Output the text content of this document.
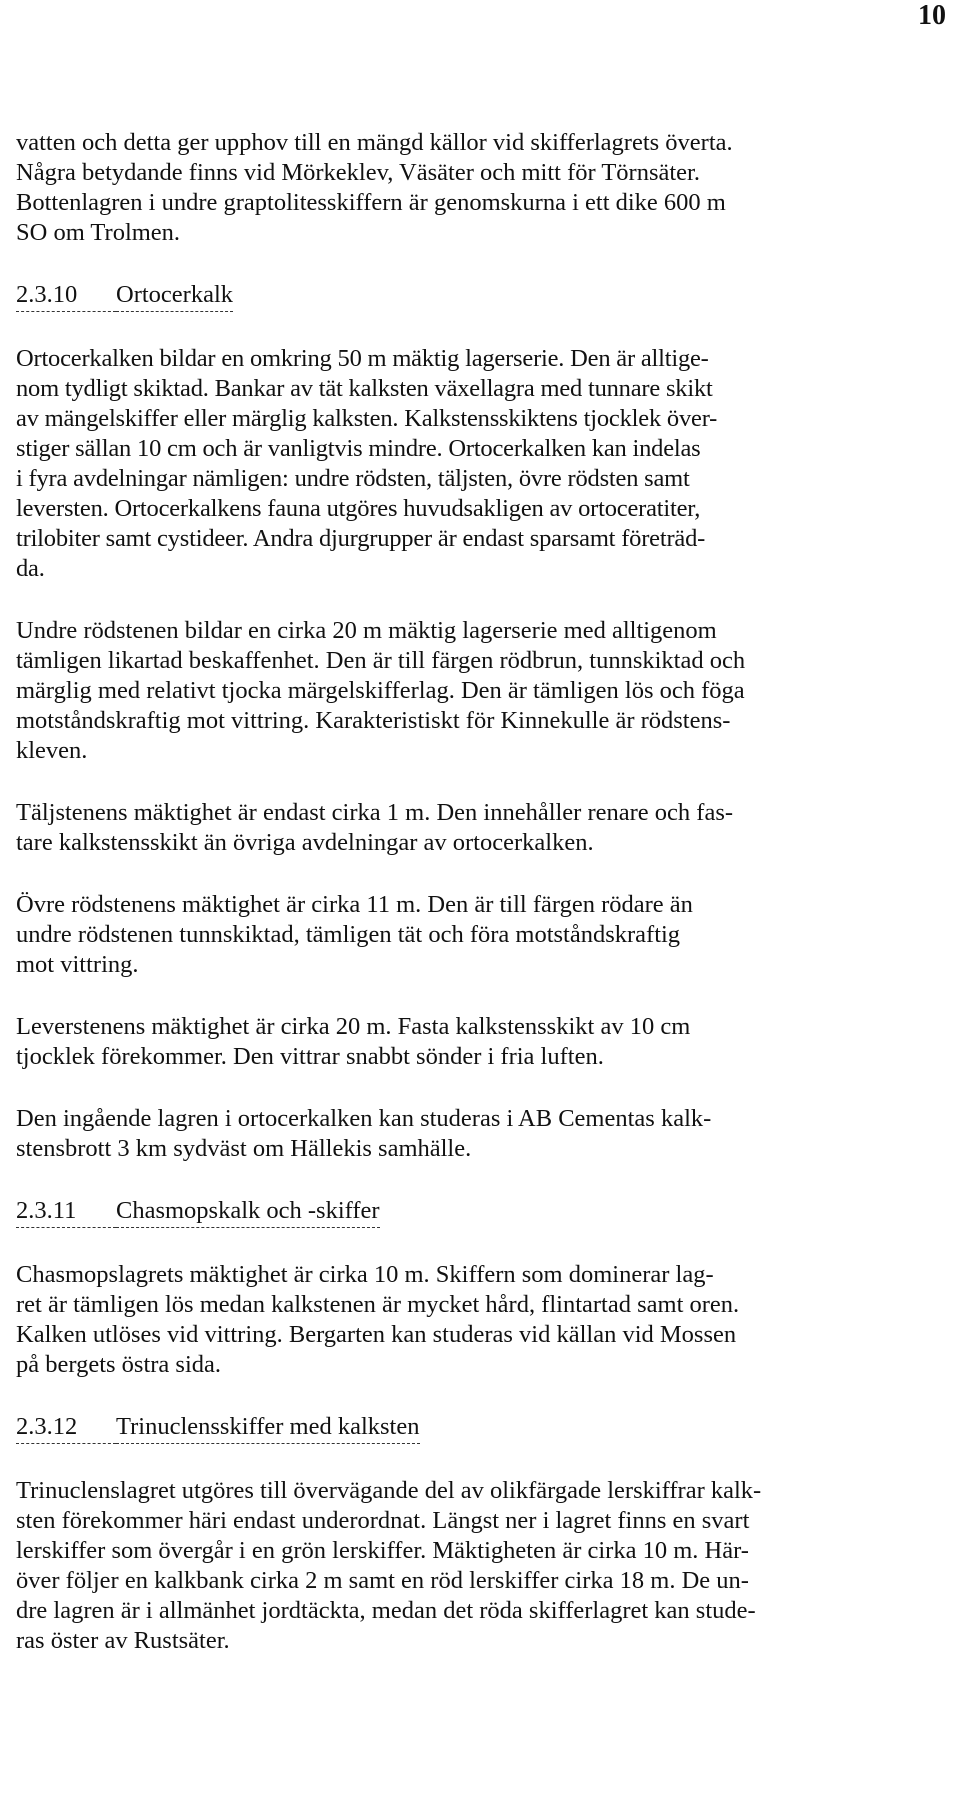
10
vatten och detta ger upphov till en mängd källor vid skifferlagrets överta.
Några betydande finns vid Mörkeklev, Väsäter och mitt för Törnsäter.
Bottenlagren i undre graptolitesskiffern är genomskurna i ett dike 600 m
SO om Trolmen.
2.3.10	Ortocerkalk
Ortocerkalken bildar en omkring 50 m mäktig lagerserie. Den är alltige-
nom tydligt skiktad. Bankar av tät kalksten växellagra med tunnare skikt
av mängelskiffer eller märglig kalksten. Kalkstensskiktens tjocklek över-
stiger sällan 10 cm och är vanligtvis mindre. Ortocerkalken kan indelas
i fyra avdelningar nämligen: undre rödsten, täljsten, övre rödsten samt
leversten. Ortocerkalkens fauna utgöres huvudsakligen av ortoceratiter,
trilobiter samt cystideer. Andra djurgrupper är endast sparsamt företräd-
da.
Undre rödstenen bildar en cirka 20 m mäktig lagerserie med alltigenom
tämligen likartad beskaffenhet. Den är till färgen rödbrun, tunnskiktad och
märglig med relativt tjocka märgelskifferlag. Den är tämligen lös och föga
motståndskraftig mot vittring. Karakteristiskt för Kinnekulle är rödstens-
kleven.
Täljstenens mäktighet är endast cirka 1 m. Den innehåller renare och fas-
tare kalkstensskikt än övriga avdelningar av ortocerkalken.
Övre rödstenens mäktighet är cirka 11 m. Den är till färgen rödare än
undre rödstenen tunnskiktad, tämligen tät och föra motståndskraftig
mot vittring.
Leverstenens mäktighet är cirka 20 m. Fasta kalkstensskikt av 10 cm
tjocklek förekommer. Den vittrar snabbt sönder i fria luften.
Den ingående lagren i ortocerkalken kan studeras i AB Cementas kalk-
stensbrott 3 km sydväst om Hällekis samhälle.
2.3.11	Chasmopskalk och -skiffer
Chasmopslagrets mäktighet är cirka 10 m. Skiffern som dominerar lag-
ret är tämligen lös medan kalkstenen är mycket hård, flintartad samt oren.
Kalken utlöses vid vittring. Bergarten kan studeras vid källan vid Mossen
på bergets östra sida.
2.3.12	Trinuclensskiffer med kalksten
Trinuclenslagret utgöres till övervägande del av olikfärgade lerskiffrar kalk-
sten förekommer häri endast underordnat. Längst ner i lagret finns en svart
lerskiffer som övergår i en grön lerskiffer. Mäktigheten är cirka 10 m. Här-
över följer en kalkbank cirka 2 m samt en röd lerskiffer cirka 18 m. De un-
dre lagren är i allmänhet jordtäckta, medan det röda skifferlagret kan stude-
ras öster av Rustsäter.
